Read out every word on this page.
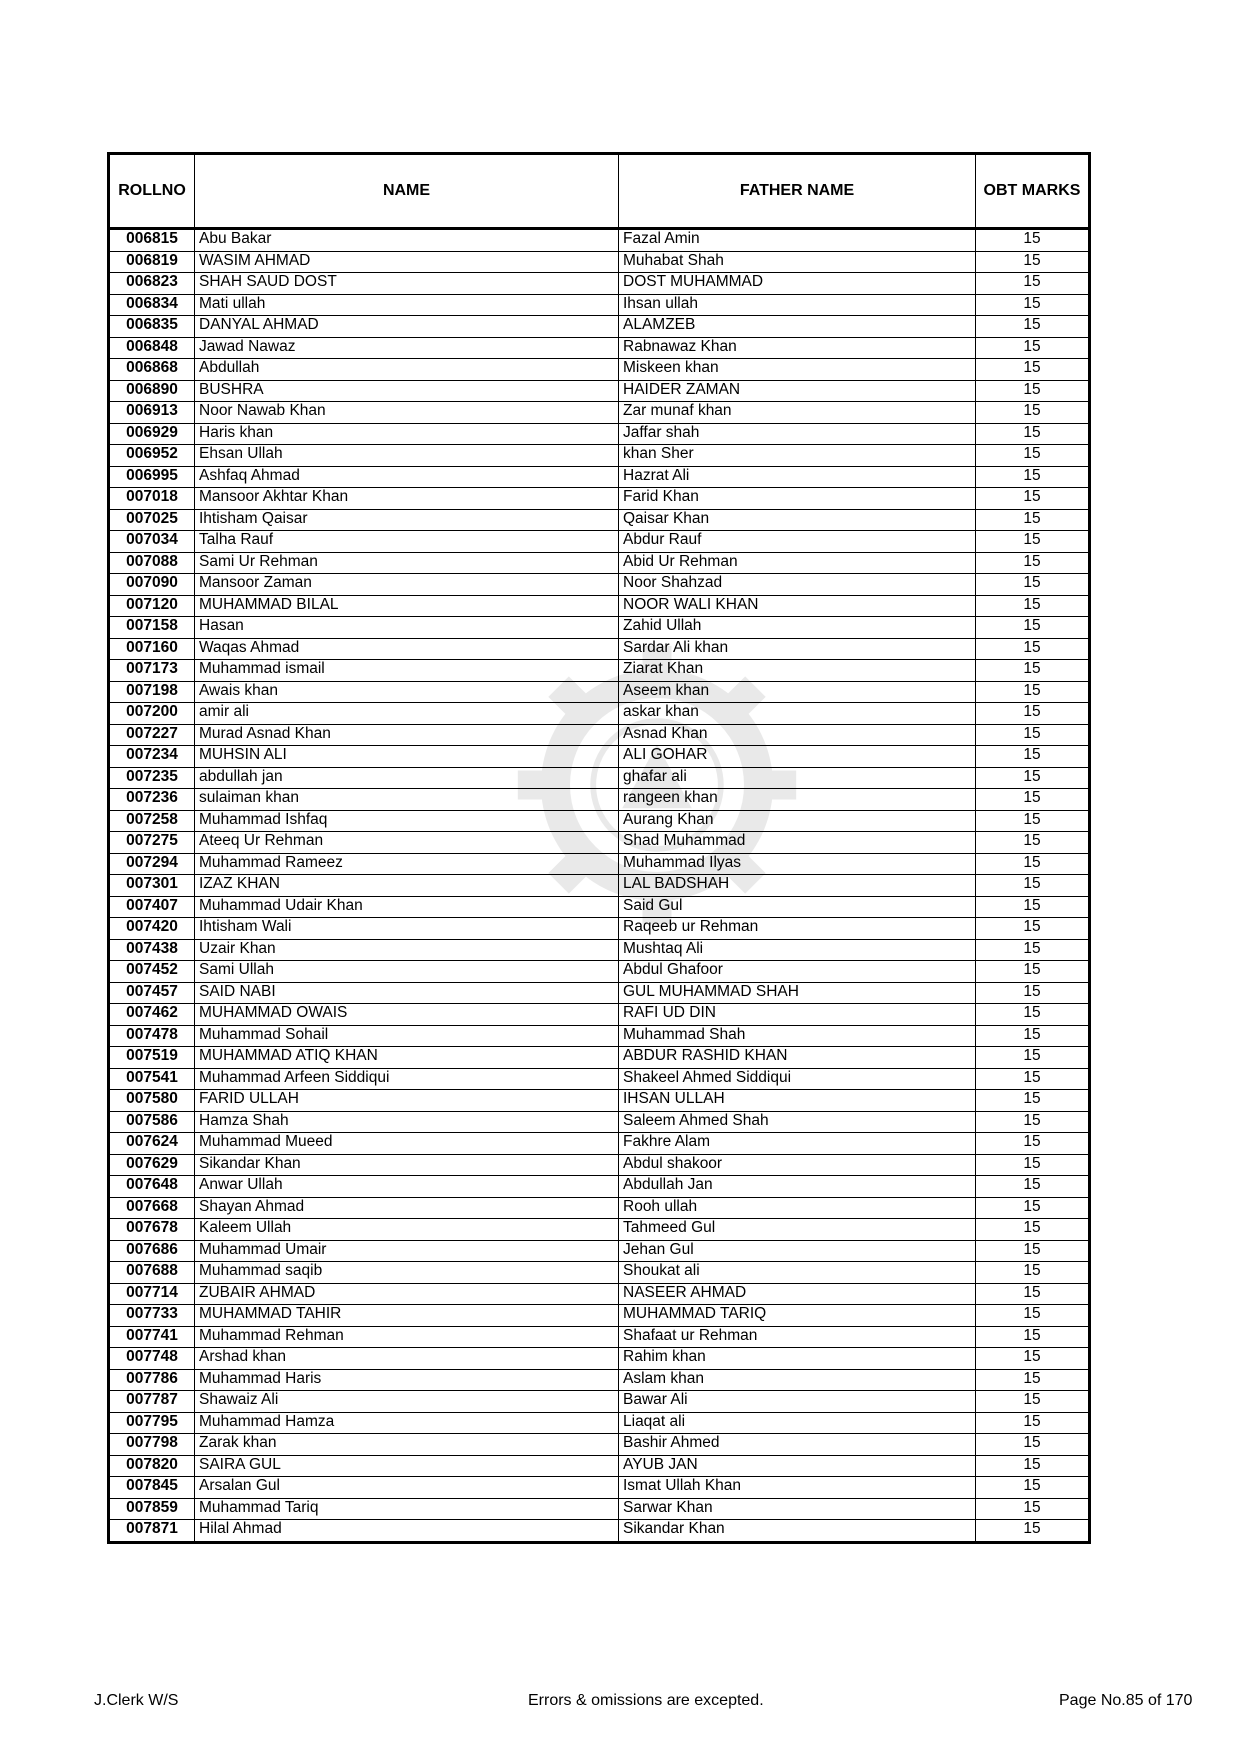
ROLLNO	NAME	FATHER NAME	OBT MARKS
006815	Abu Bakar	Fazal Amin	15
006819	WASIM AHMAD	Muhabat Shah	15
006823	SHAH SAUD DOST	DOST MUHAMMAD	15
006834	Mati ullah	Ihsan ullah	15
006835	DANYAL AHMAD	ALAMZEB	15
006848	Jawad Nawaz	Rabnawaz Khan	15
006868	Abdullah	Miskeen khan	15
006890	BUSHRA	HAIDER ZAMAN	15
006913	Noor Nawab Khan	Zar munaf khan	15
006929	Haris khan	Jaffar shah	15
006952	Ehsan Ullah	khan Sher	15
006995	Ashfaq Ahmad	Hazrat Ali	15
007018	Mansoor Akhtar Khan	Farid Khan	15
007025	Ihtisham Qaisar	Qaisar Khan	15
007034	Talha Rauf	Abdur Rauf	15
007088	Sami Ur Rehman	Abid Ur Rehman	15
007090	Mansoor Zaman	Noor Shahzad	15
007120	MUHAMMAD BILAL	NOOR WALI KHAN	15
007158	Hasan	Zahid Ullah	15
007160	Waqas Ahmad	Sardar Ali khan	15
007173	Muhammad ismail	Ziarat Khan	15
007198	Awais khan	Aseem khan	15
007200	amir ali	askar khan	15
007227	Murad Asnad Khan	Asnad Khan	15
007234	MUHSIN ALI	ALI GOHAR	15
007235	abdullah jan	ghafar ali	15
007236	sulaiman khan	rangeen khan	15
007258	Muhammad Ishfaq	Aurang Khan	15
007275	Ateeq Ur Rehman	Shad Muhammad	15
007294	Muhammad Rameez	Muhammad Ilyas	15
007301	IZAZ KHAN	LAL BADSHAH	15
007407	Muhammad Udair Khan	Said Gul	15
007420	Ihtisham Wali	Raqeeb ur Rehman	15
007438	Uzair Khan	Mushtaq Ali	15
007452	Sami Ullah	Abdul Ghafoor	15
007457	SAID NABI	GUL MUHAMMAD SHAH	15
007462	MUHAMMAD OWAIS	RAFI UD DIN	15
007478	Muhammad Sohail	Muhammad Shah	15
007519	MUHAMMAD ATIQ KHAN	ABDUR RASHID KHAN	15
007541	Muhammad Arfeen Siddiqui	Shakeel Ahmed Siddiqui	15
007580	FARID ULLAH	IHSAN ULLAH	15
007586	Hamza Shah	Saleem Ahmed Shah	15
007624	Muhammad Mueed	Fakhre Alam	15
007629	Sikandar Khan	Abdul shakoor	15
007648	Anwar Ullah	Abdullah Jan	15
007668	Shayan Ahmad	Rooh ullah	15
007678	Kaleem Ullah	Tahmeed Gul	15
007686	Muhammad Umair	Jehan Gul	15
007688	Muhammad saqib	Shoukat ali	15
007714	ZUBAIR AHMAD	NASEER AHMAD	15
007733	MUHAMMAD TAHIR	MUHAMMAD TARIQ	15
007741	Muhammad Rehman	Shafaat ur Rehman	15
007748	Arshad khan	Rahim khan	15
007786	Muhammad Haris	Aslam khan	15
007787	Shawaiz Ali	Bawar Ali	15
007795	Muhammad Hamza	Liaqat ali	15
007798	Zarak khan	Bashir Ahmed	15
007820	SAIRA GUL	AYUB JAN	15
007845	Arsalan Gul	Ismat Ullah Khan	15
007859	Muhammad Tariq	Sarwar Khan	15
007871	Hilal Ahmad	Sikandar Khan	15
J.Clerk W/S	Errors & omissions are excepted.	Page No.85 of 170
